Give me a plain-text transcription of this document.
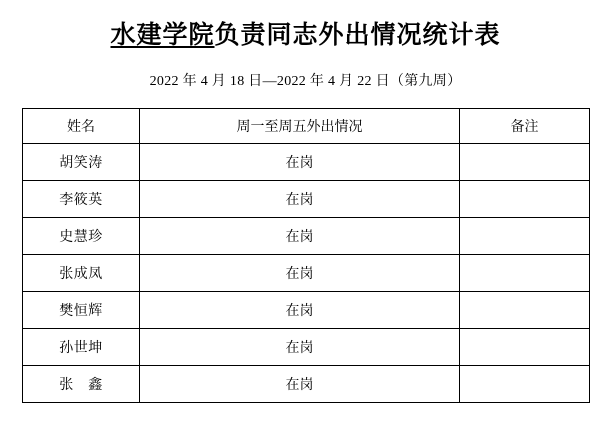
水建学院负责同志外出情况统计表

2022 年 4 月 18 日—2022 年 4 月 22 日（第九周）

姓名	周一至周五外出情况	备注
胡笑涛	在岗	
李筱英	在岗	
史慧珍	在岗	
张成凤	在岗	
樊恒辉	在岗	
孙世坤	在岗	
张　鑫	在岗	
